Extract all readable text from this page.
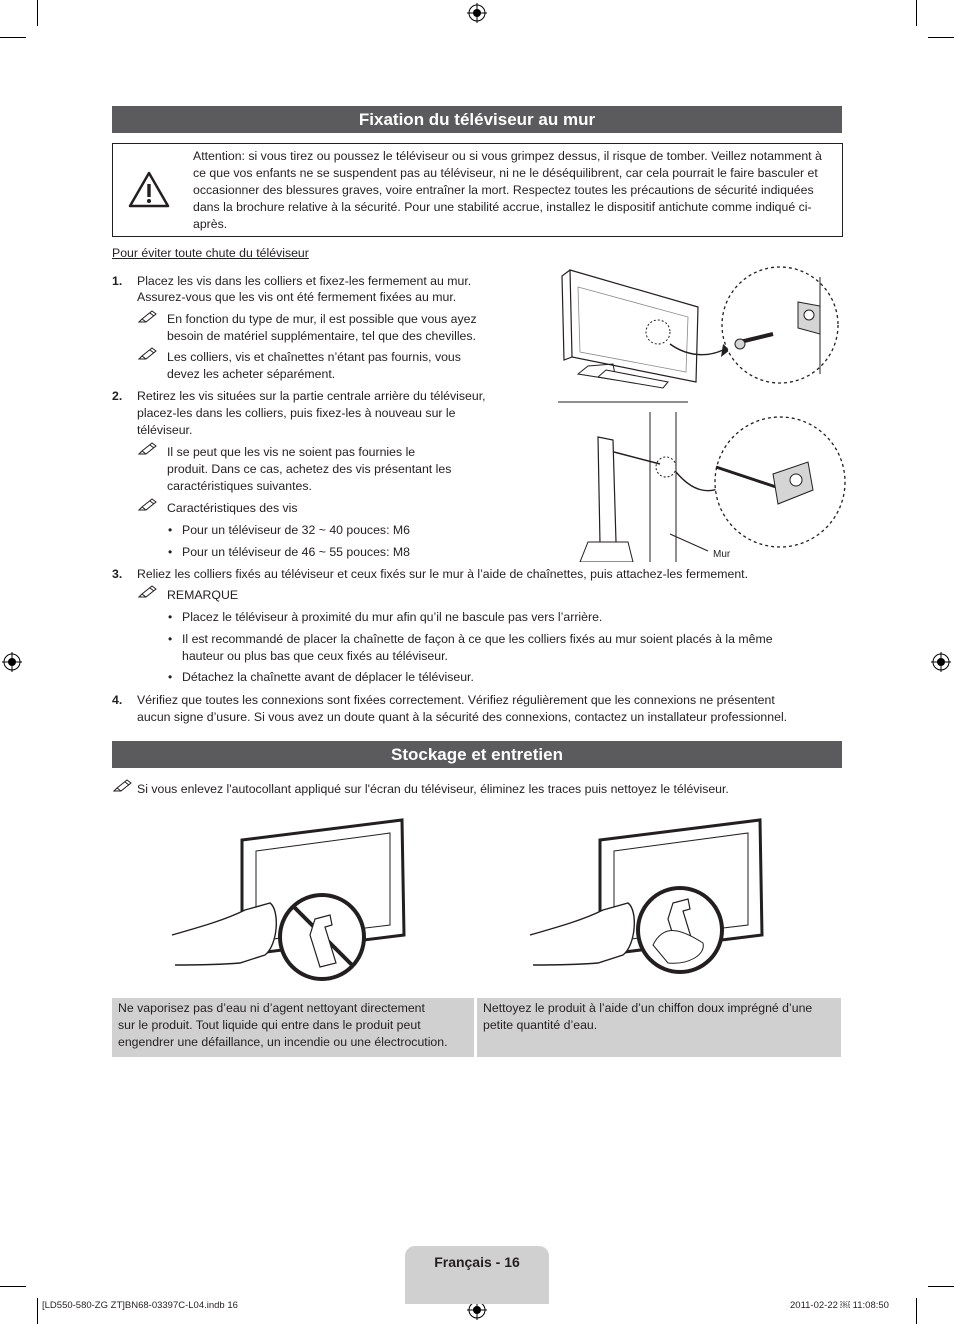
Fixation du téléviseur au mur
Attention: si vous tirez ou poussez le téléviseur ou si vous grimpez dessus, il risque de tomber. Veillez notamment à ce que vos enfants ne se suspendent pas au téléviseur, ni ne le déséquilibrent, car cela pourrait le faire basculer et occasionner des blessures graves, voire entraîner la mort. Respectez toutes les précautions de sécurité indiquées dans la brochure relative à la sécurité. Pour une stabilité accrue, installez le dispositif antichute comme indiqué ci-après.
Pour éviter toute chute du téléviseur
1. Placez les vis dans les colliers et fixez-les fermement au mur.
Assurez-vous que les vis ont été fermement fixées au mur.
En fonction du type de mur, il est possible que vous ayez
besoin de matériel supplémentaire, tel que des chevilles.
Les colliers, vis et chaînettes n’étant pas fournis, vous
devez les acheter séparément.
2. Retirez les vis situées sur la partie centrale arrière du téléviseur,
placez-les dans les colliers, puis fixez-les à nouveau sur le
téléviseur.
Il se peut que les vis ne soient pas fournies le
produit. Dans ce cas, achetez des vis présentant les
caractéristiques suivantes.
Caractéristiques des vis
• Pour un téléviseur de 32 ~ 40 pouces: M6
• Pour un téléviseur de 46 ~ 55 pouces: M8	Mur
3. Reliez les colliers fixés au téléviseur et ceux fixés sur le mur à l’aide de chaînettes, puis attachez-les fermement.
REMARQUE
• Placez le téléviseur à proximité du mur afin qu’il ne bascule pas vers l’arrière.
• Il est recommandé de placer la chaînette de façon à ce que les colliers fixés au mur soient placés à la même
hauteur ou plus bas que ceux fixés au téléviseur.
• Détachez la chaînette avant de déplacer le téléviseur.
4. Vérifiez que toutes les connexions sont fixées correctement. Vérifiez régulièrement que les connexions ne présentent
aucun signe d’usure. Si vous avez un doute quant à la sécurité des connexions, contactez un installateur professionnel.
Stockage et entretien
Si vous enlevez l'autocollant appliqué sur l'écran du téléviseur, éliminez les traces puis nettoyez le téléviseur.
Ne vaporisez pas d’eau ni d’agent nettoyant directement
sur le produit. Tout liquide qui entre dans le produit peut
engendrer une défaillance, un incendie ou une électrocution.
Nettoyez le produit à l’aide d’un chiffon doux imprégné d’une
petite quantité d’eau.
Français - 16
[LD550-580-ZG ZT]BN68-03397C-L04.indb 16	2011-02-22 ￼ 11:08:50
